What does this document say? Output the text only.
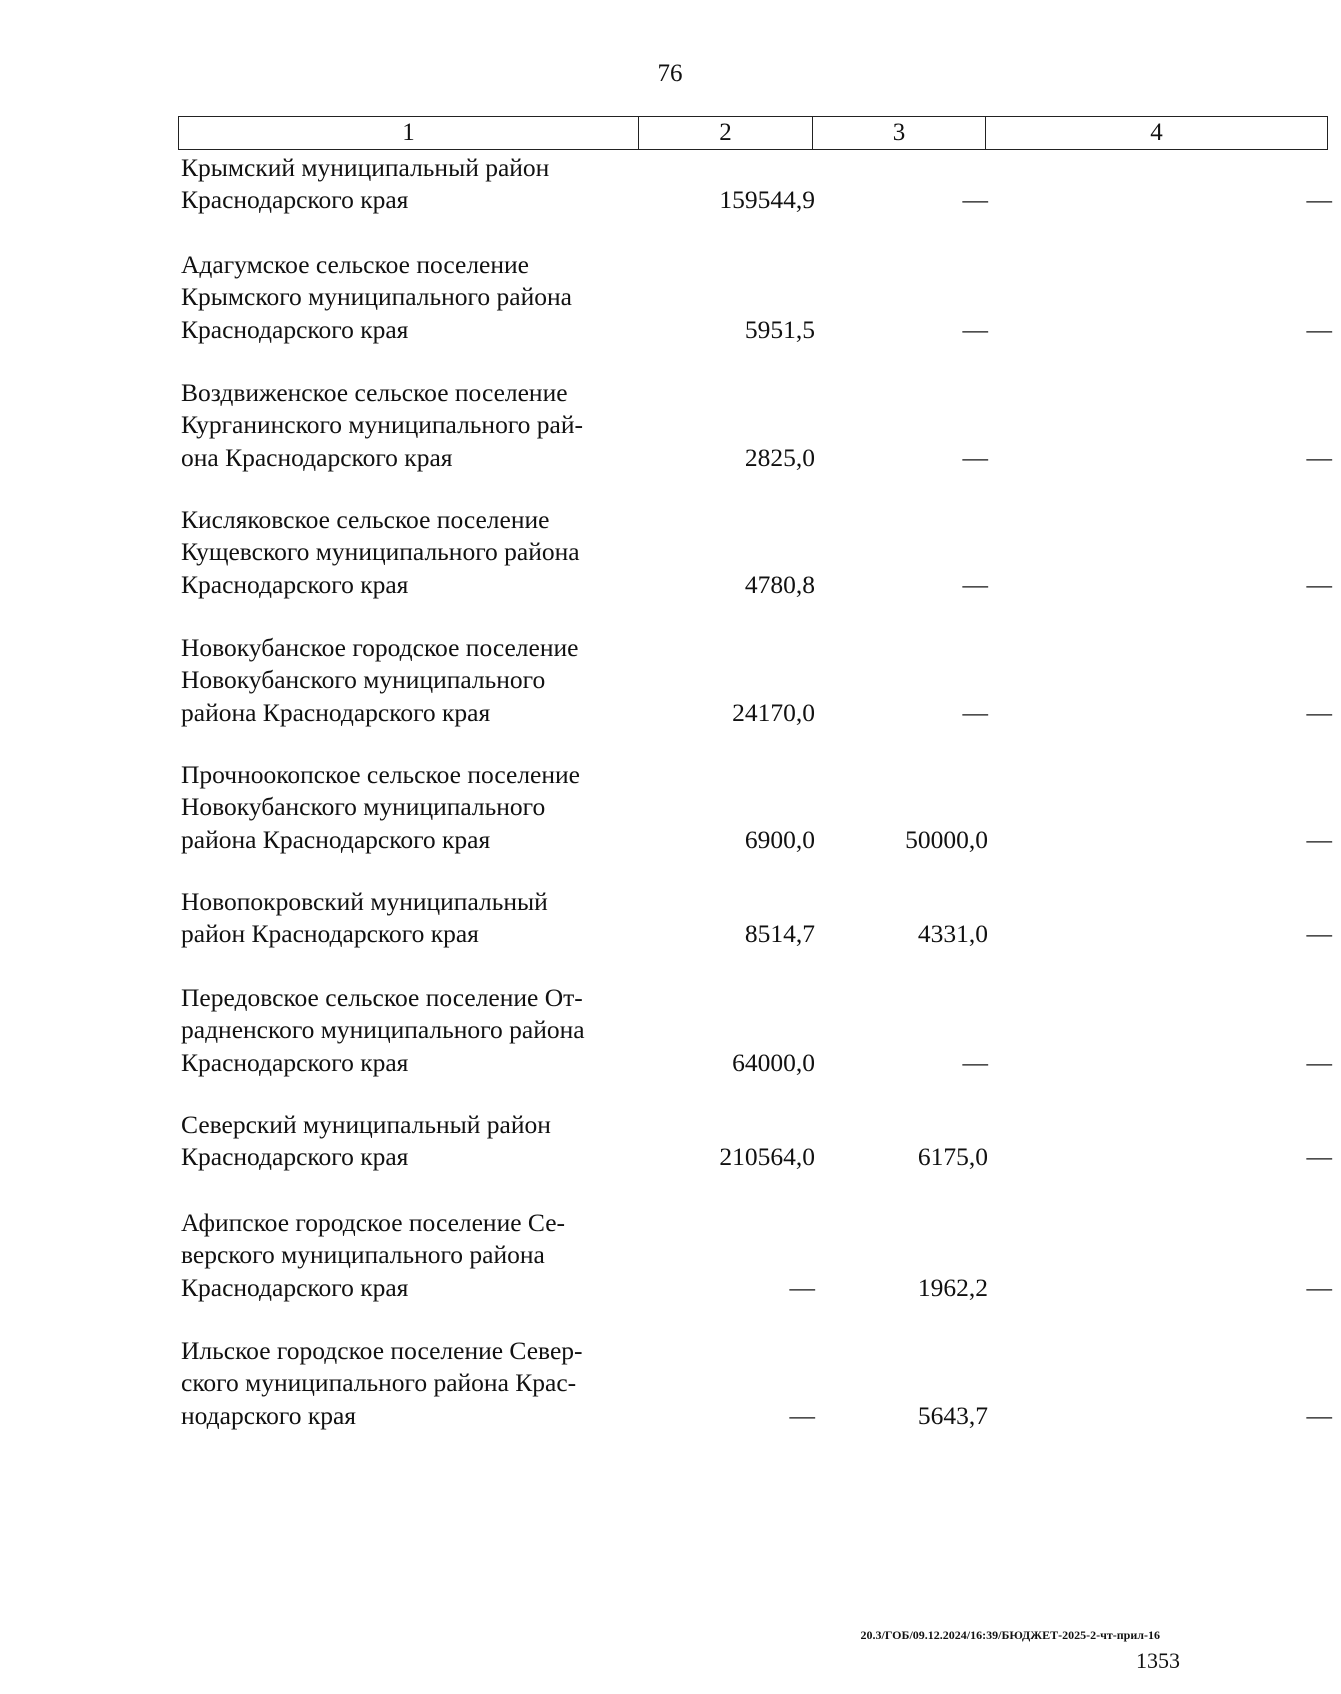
76
1	2	3	4
Крымский муниципальный район
Краснодарского края	159544,9	—	—
Адагумское сельское поселение
Крымского муниципального района
Краснодарского края	5951,5	—	—
Воздвиженское сельское поселение
Курганинского муниципального рай-
она Краснодарского края	2825,0	—	—
Кисляковское сельское поселение
Кущевского муниципального района
Краснодарского края	4780,8	—	—
Новокубанское городское поселение
Новокубанского муниципального
района Краснодарского края	24170,0	—	—
Прочноокопское сельское поселение
Новокубанского муниципального
района Краснодарского края	6900,0	50000,0	—
Новопокровский муниципальный
район Краснодарского края	8514,7	4331,0	—
Передовское сельское поселение От-
радненского муниципального района
Краснодарского края	64000,0	—	—
Северский муниципальный район
Краснодарского края	210564,0	6175,0	—
Афипское городское поселение Се-
верского муниципального района
Краснодарского края	—	1962,2	—
Ильское городское поселение Север-
ского муниципального района Крас-
нодарского края	—	5643,7	—
20.3/ГОБ/09.12.2024/16:39/БЮДЖЕТ-2025-2-чт-прил-16
1353
